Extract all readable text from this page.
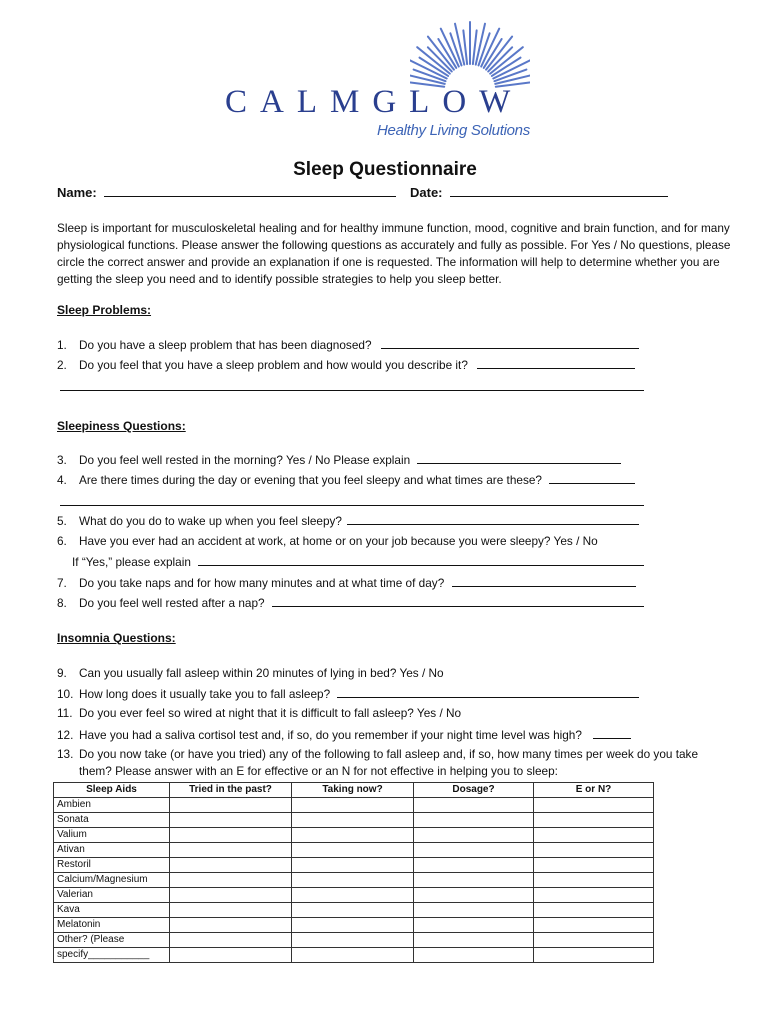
CALMGLOW
Healthy Living Solutions
Sleep Questionnaire
Name:	Date:

Sleep is important for musculoskeletal healing and for healthy immune function, mood, cognitive and brain function, and for many physiological functions. Please answer the following questions as accurately and fully as possible. For Yes / No questions, please circle the correct answer and provide an explanation if one is requested. The information will help to determine whether you are getting the sleep you need and to identify possible strategies to help you sleep better.

Sleep Problems:
1. Do you have a sleep problem that has been diagnosed?
2. Do you feel that you have a sleep problem and how would you describe it?
Sleepiness Questions:
3. Do you feel well rested in the morning? Yes / No Please explain
4. Are there times during the day or evening that you feel sleepy and what times are these?
5. What do you do to wake up when you feel sleepy?
6. Have you ever had an accident at work, at home or on your job because you were sleepy? Yes / No
If “Yes,” please explain
7. Do you take naps and for how many minutes and at what time of day?
8. Do you feel well rested after a nap?
Insomnia Questions:
9. Can you usually fall asleep within 20 minutes of lying in bed? Yes / No
10. How long does it usually take you to fall asleep?
11. Do you ever feel so wired at night that it is difficult to fall asleep? Yes / No
12. Have you had a saliva cortisol test and, if so, do you remember if your night time level was high?
13. Do you now take (or have you tried) any of the following to fall asleep and, if so, how many times per week do you take
them? Please answer with an E for effective or an N for not effective in helping you to sleep:
Sleep Aids	Tried in the past?	Taking now?	Dosage?	E or N?
Ambien				
Sonata				
Valium				
Ativan				
Restoril				
Calcium/Magnesium				
Valerian				
Kava				
Melatonin				
Other? (Please				
specify___________				
